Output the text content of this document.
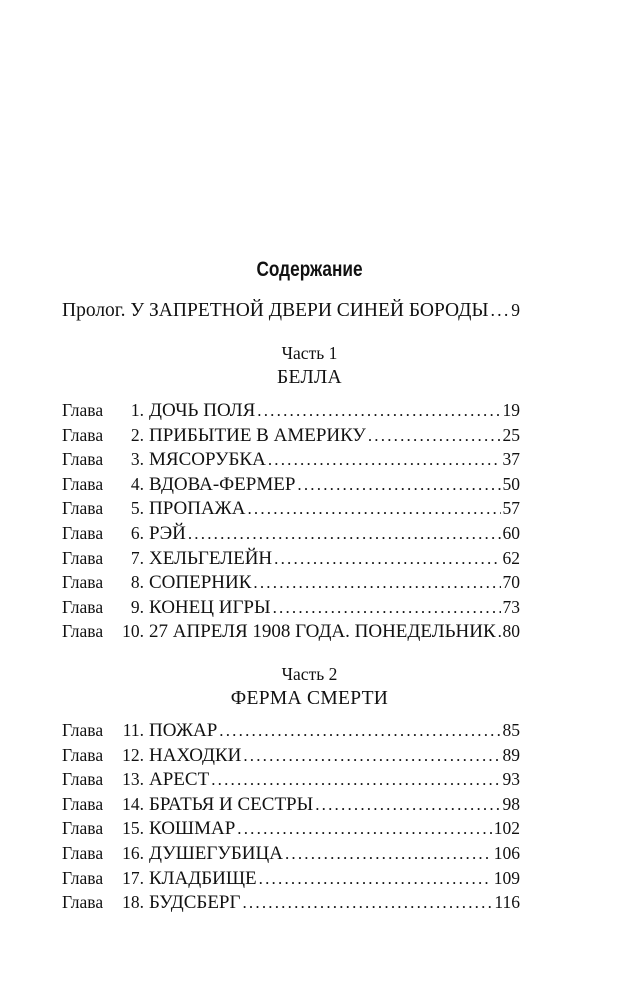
Содержание
Пролог.
У ЗАПРЕТНОЙ ДВЕРИ СИНЕЙ БОРОДЫ ..... 9
Часть 1
БЕЛЛА
Глава	1. ДОЧЬ ПОЛЯ .....	19
Глава	2. ПРИБЫТИЕ В АМЕРИКУ .....	25
Глава	3. МЯСОРУБКА .....	37
Глава	4. ВДОВА-ФЕРМЕР .....	50
Глава	5. ПРОПАЖА .....	57
Глава	6. РЭЙ .....	60
Глава	7. ХЕЛЬГЕЛЕЙН .....	62
Глава	8. СОПЕРНИК .....	70
Глава	9. КОНЕЦ ИГРЫ .....	73
Глава	10. 27 АПРЕЛЯ 1908 ГОДА. ПОНЕДЕЛЬНИК ..... 80
Часть 2
ФЕРМА СМЕРТИ
Глава	11. ПОЖАР .....	85
Глава	12. НАХОДКИ .....	89
Глава	13. АРЕСТ .....	93
Глава	14. БРАТЬЯ И СЕСТРЫ .....	98
Глава	15. КОШМАР .....	102
Глава	16. ДУШЕГУБИЦА .....	106
Глава	17. КЛАДБИЩЕ .....	109
Глава	18. БУДСБЕРГ .....	116
